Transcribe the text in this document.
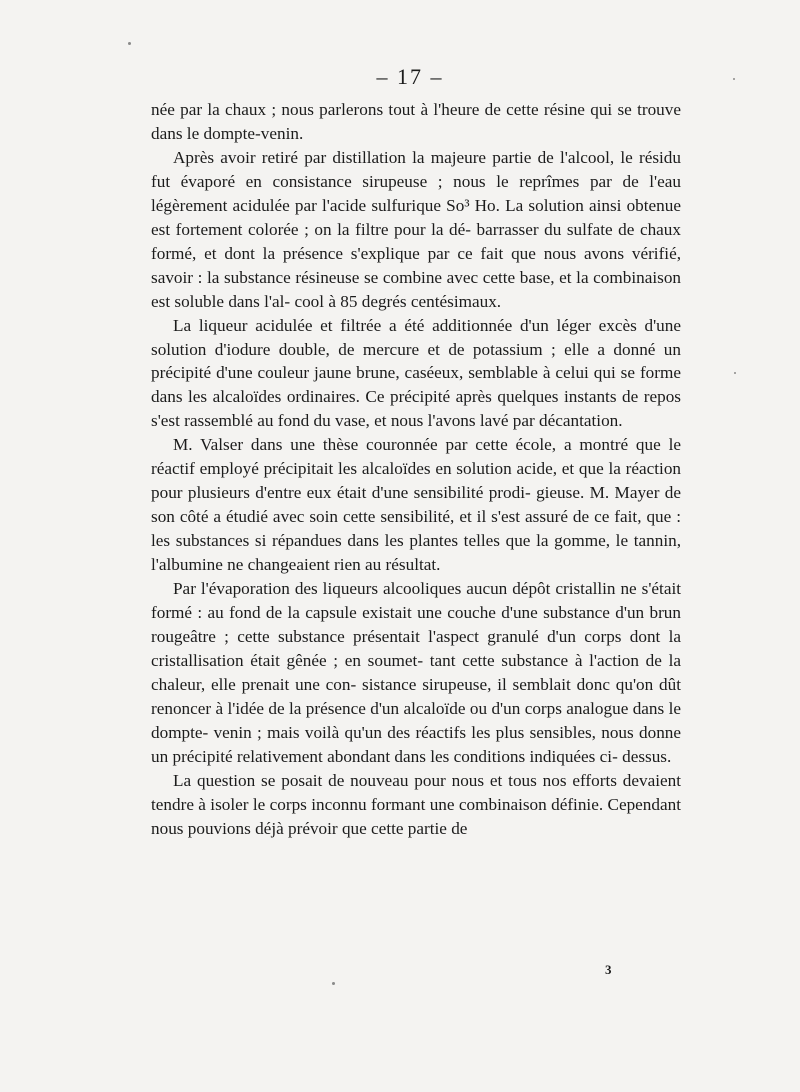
– 17 –

née par la chaux ; nous parlerons tout à l'heure de cette résine qui se trouve dans le dompte-venin.

Après avoir retiré par distillation la majeure partie de l'alcool, le résidu fut évaporé en consistance sirupeuse ; nous le reprîmes par de l'eau légèrement acidulée par l'acide sulfurique So³ Ho. La solution ainsi obtenue est fortement colorée ; on la filtre pour la dé- barrasser du sulfate de chaux formé, et dont la présence s'explique par ce fait que nous avons vérifié, savoir : la substance résineuse se combine avec cette base, et la combinaison est soluble dans l'al- cool à 85 degrés centésimaux.

La liqueur acidulée et filtrée a été additionnée d'un léger excès d'une solution d'iodure double, de mercure et de potassium ; elle a donné un précipité d'une couleur jaune brune, caséeux, semblable à celui qui se forme dans les alcaloïdes ordinaires. Ce précipité après quelques instants de repos s'est rassemblé au fond du vase, et nous l'avons lavé par décantation.

M. Valser dans une thèse couronnée par cette école, a montré que le réactif employé précipitait les alcaloïdes en solution acide, et que la réaction pour plusieurs d'entre eux était d'une sensibilité prodi- gieuse. M. Mayer de son côté a étudié avec soin cette sensibilité, et il s'est assuré de ce fait, que : les substances si répandues dans les plantes telles que la gomme, le tannin, l'albumine ne changeaient rien au résultat.

Par l'évaporation des liqueurs alcooliques aucun dépôt cristallin ne s'était formé : au fond de la capsule existait une couche d'une substance d'un brun rougeâtre ; cette substance présentait l'aspect granulé d'un corps dont la cristallisation était gênée ; en soumet- tant cette substance à l'action de la chaleur, elle prenait une con- sistance sirupeuse, il semblait donc qu'on dût renoncer à l'idée de la présence d'un alcaloïde ou d'un corps analogue dans le dompte- venin ; mais voilà qu'un des réactifs les plus sensibles, nous donne un précipité relativement abondant dans les conditions indiquées ci- dessus.

La question se posait de nouveau pour nous et tous nos efforts devaient tendre à isoler le corps inconnu formant une combinaison définie. Cependant nous pouvions déjà prévoir que cette partie de

3
